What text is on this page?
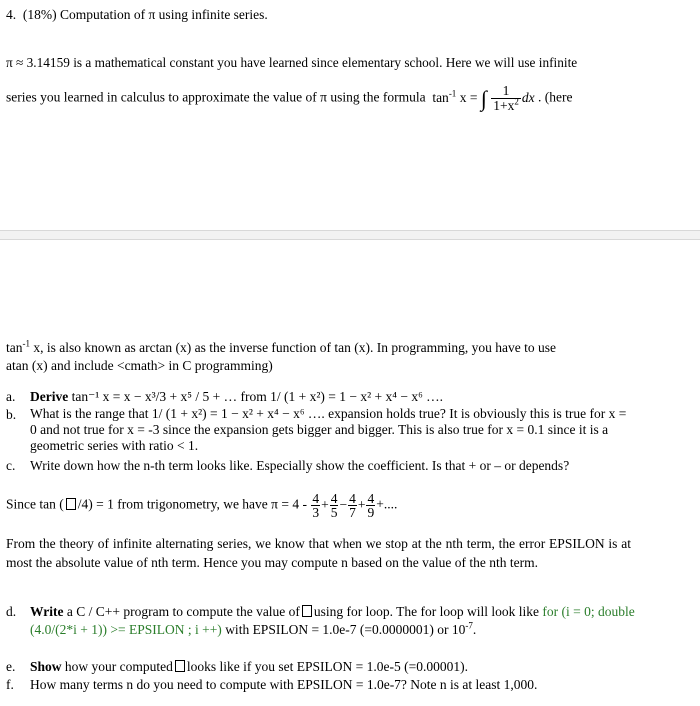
4. (18%) Computation of π using infinite series.
π ≈ 3.14159 is a mathematical constant you have learned since elementary school. Here we will use infinite
series you learned in calculus to approximate the value of π using the formula $\tan^{-1} x$ = ∫ $\frac{1}{1+x^2}$ dx . (here
$\tan^{-1} x$, is also known as arctan (x) as the inverse function of tan (x). In programming, you have to use
atan (x) and include <cmath> in C programming)
a. Derive tan⁻¹ x = x − x³/3 + x⁵ / 5 + … from 1/ (1 + x²) = 1 − x² + x⁴ − x⁶ ….
b. What is the range that 1/ (1 + x²) = 1 − x² + x⁴ − x⁶ …. expansion holds true? It is obviously this is true for x = 0 and not true for x = -3 since the expansion gets bigger and bigger. This is also true for x = 0.1 since it is a geometric series with ratio < 1.
c. Write down how the n-th term looks like. Especially show the coefficient. Is that + or – or depends?
Since tan ( /4) = 1 from trigonometry, we have $\pi = 4 - \frac{4}{3} + \frac{4}{5} - \frac{4}{7} + \frac{4}{9}$ +....
From the theory of infinite alternating series, we know that when we stop at the nth term, the error EPSILON is at most the absolute value of nth term. Hence you may compute n based on the value of the nth term.
d. Write a C / C++ program to compute the value of using for loop. The for loop will look like for (i = 0; double (4.0/(2*i + 1)) >= EPSILON ; i ++) with EPSILON = 1.0e-7 (=0.0000001) or $10^{-7}$.
e. Show how your computed looks like if you set EPSILON = 1.0e-5 (=0.00001).
f. How many terms n do you need to compute with EPSILON = 1.0e-7? Note n is at least 1,000.
